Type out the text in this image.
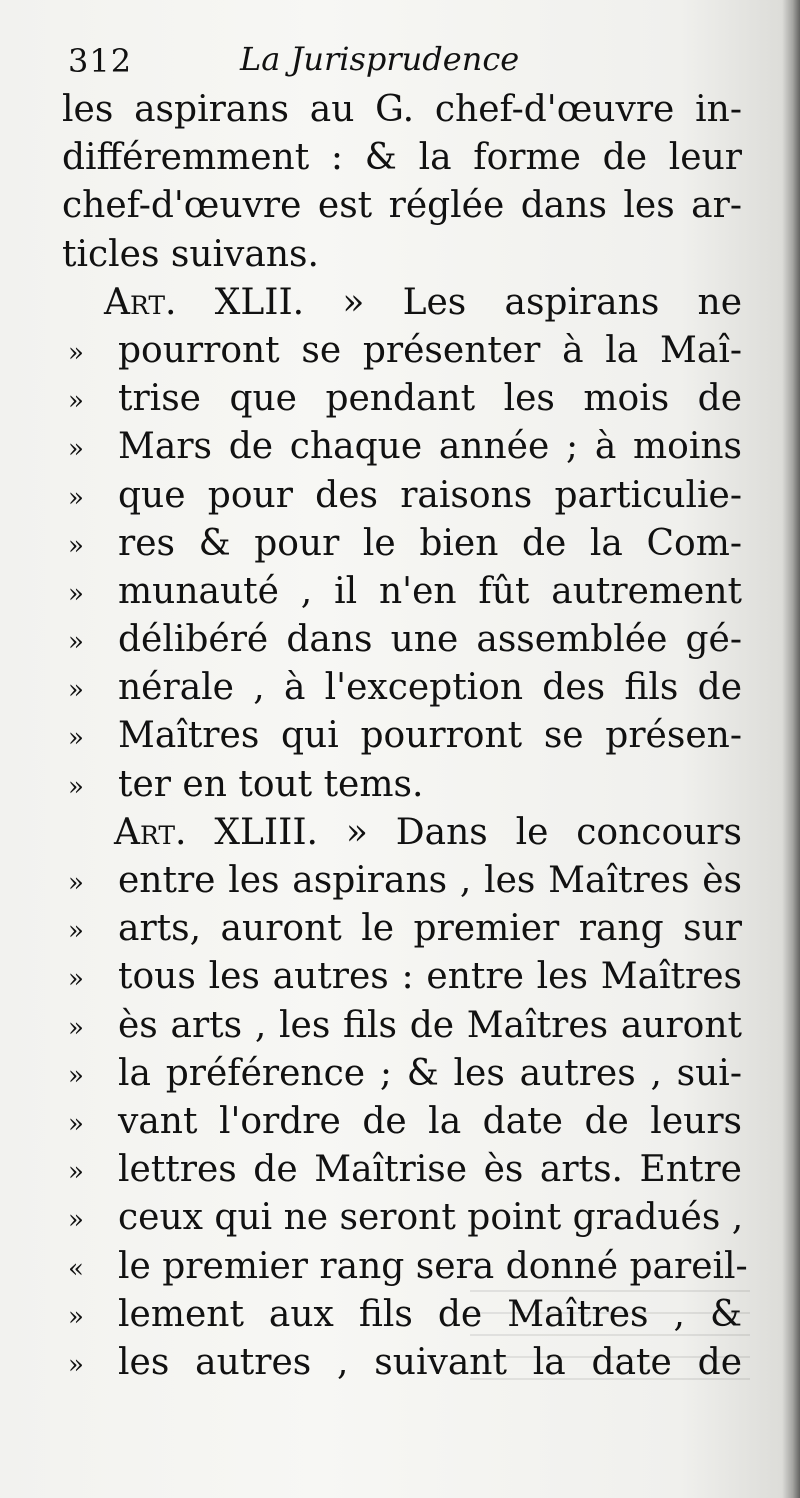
312	La Jurisprudence
les aspirans au G. chef-d'œuvre in-
différemment : & la forme de leur
chef-d'œuvre est réglée dans les ar-
ticles suivans.
Art. XLII. » Les aspirans ne
» pourront se présenter à la Maî-
» trise que pendant les mois de
» Mars de chaque année ; à moins
» que pour des raisons particulie-
» res & pour le bien de la Com-
» munauté , il n'en fût autrement
» délibéré dans une assemblée gé-
» nérale , à l'exception des fils de
» Maîtres qui pourront se présen-
» ter en tout tems.
Art. XLIII. » Dans le concours
» entre les aspirans , les Maîtres ès
» arts, auront le premier rang sur
» tous les autres : entre les Maîtres
» ès arts , les fils de Maîtres auront
» la préférence ; & les autres , sui-
» vant l'ordre de la date de leurs
» lettres de Maîtrise ès arts. Entre
» ceux qui ne seront point gradués ,
« le premier rang sera donné pareil-
» lement aux fils de Maîtres , &
» les autres , suivant la date de
